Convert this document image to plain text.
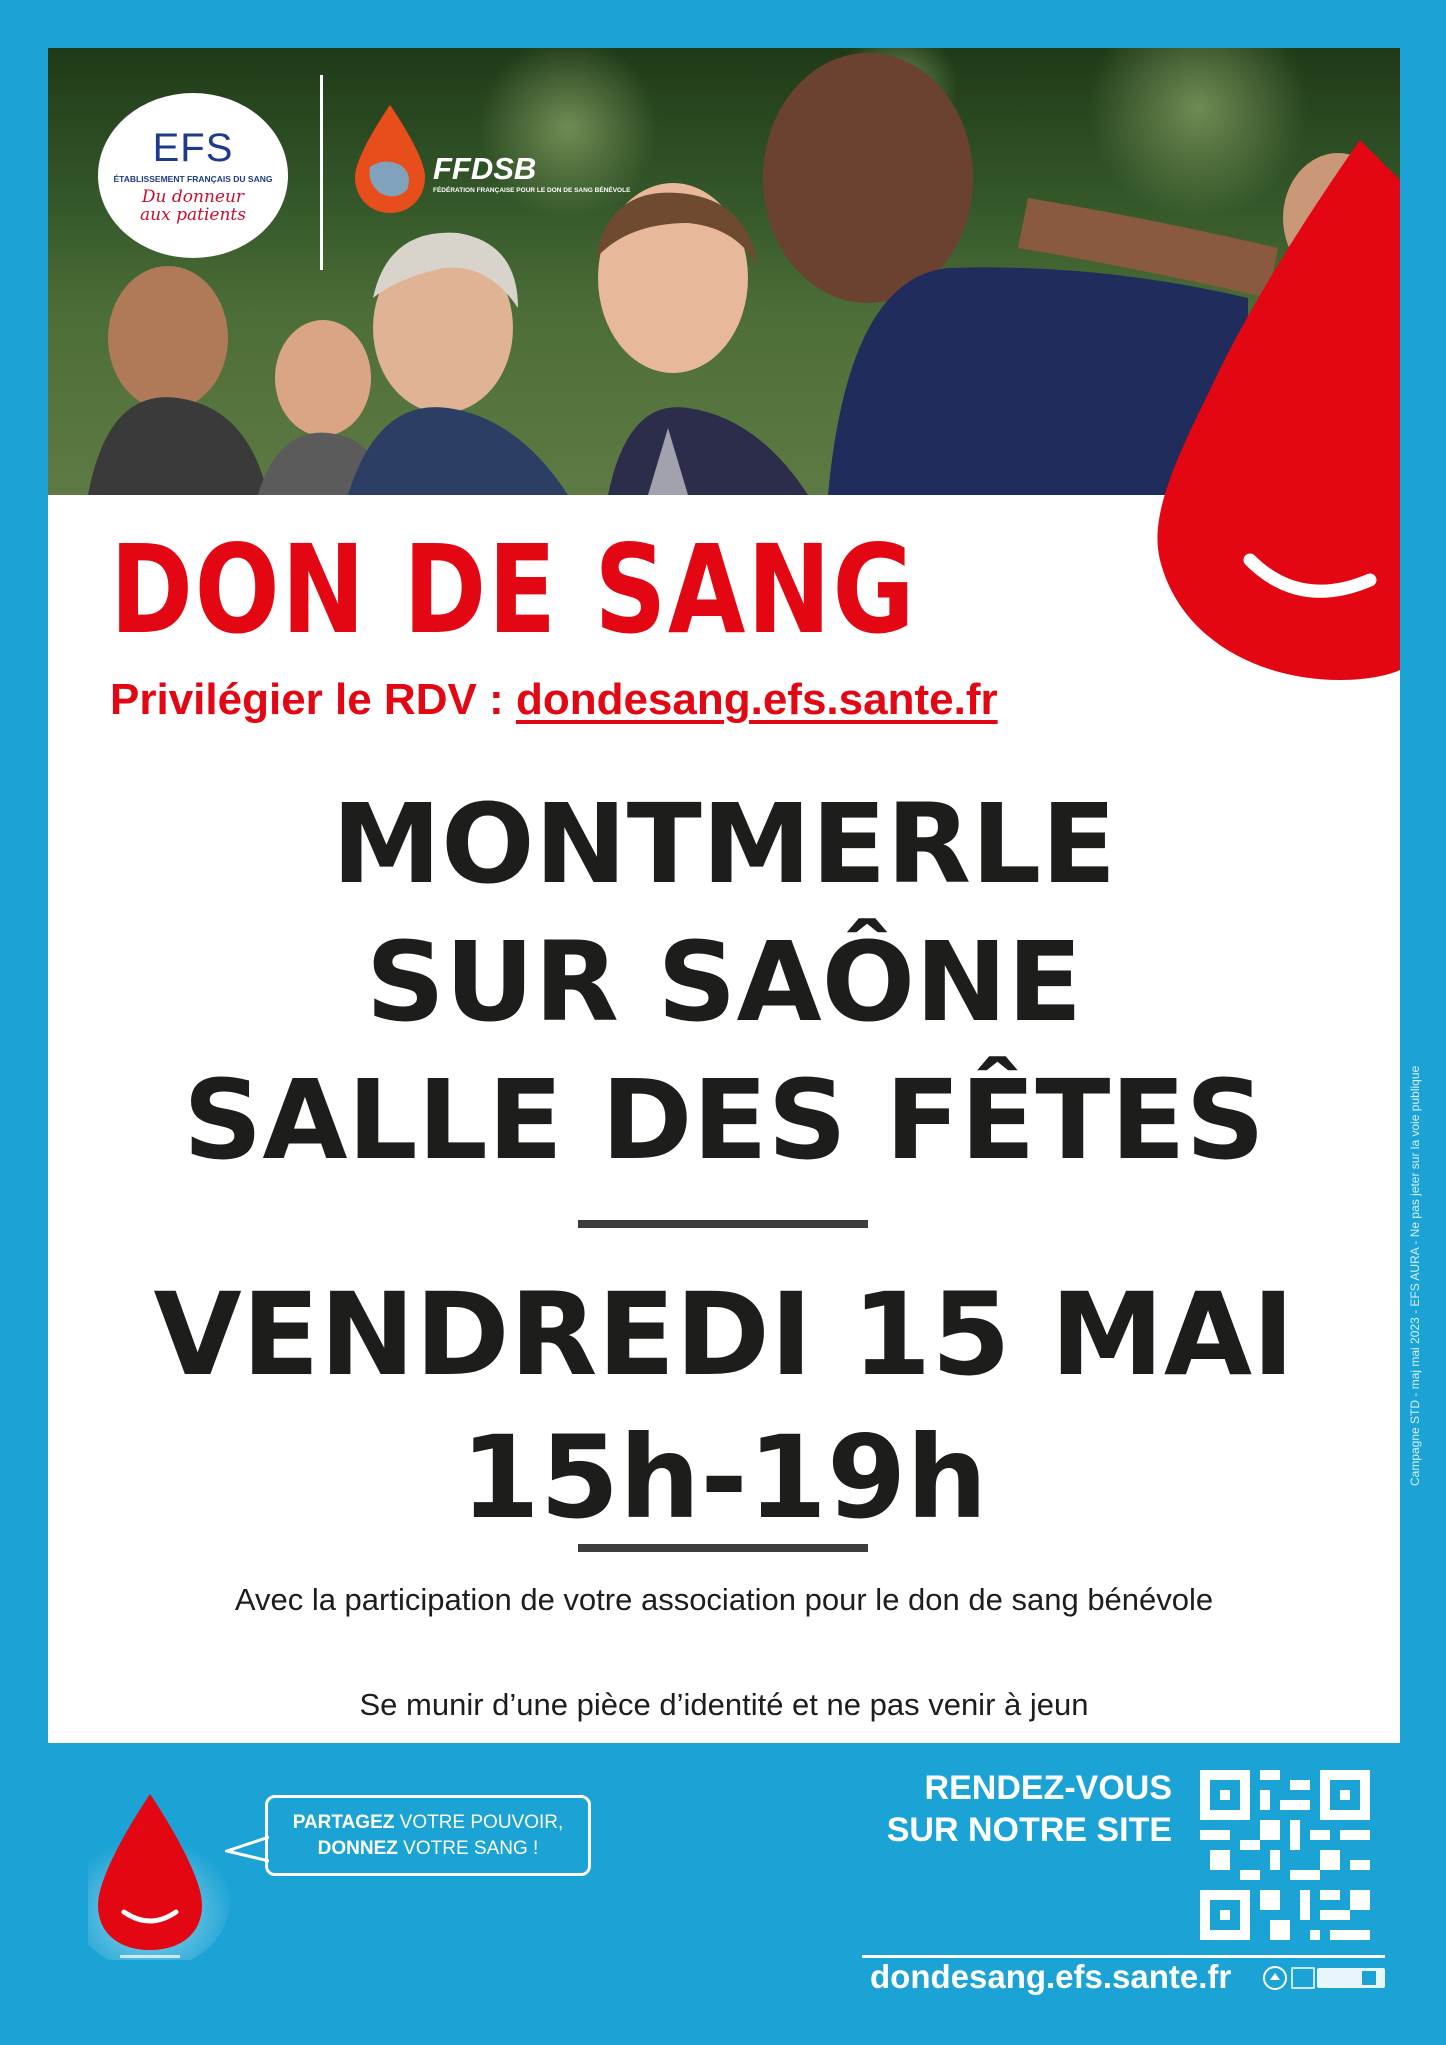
EFS
ÉTABLISSEMENT FRANÇAIS DU SANG
Du donneur
aux patients
FFDSB
FÉDÉRATION FRANÇAISE POUR LE DON DE SANG BÉNÉVOLE
DON DE SANG
Privilégier le RDV : dondesang.efs.sante.fr
MONTMERLE
SUR SAÔNE
SALLE DES FÊTES
VENDREDI 15 MAI
15h-19h
Avec la participation de votre association pour le don de sang bénévole
Se munir d’une pièce d’identité et ne pas venir à jeun
Campagne STD - maj mai 2023 - EFS AURA - Ne pas jeter sur la voie publique
PARTAGEZ VOTRE POUVOIR,
DONNEZ VOTRE SANG !
RENDEZ-VOUS
SUR NOTRE SITE
dondesang.efs.sante.fr
